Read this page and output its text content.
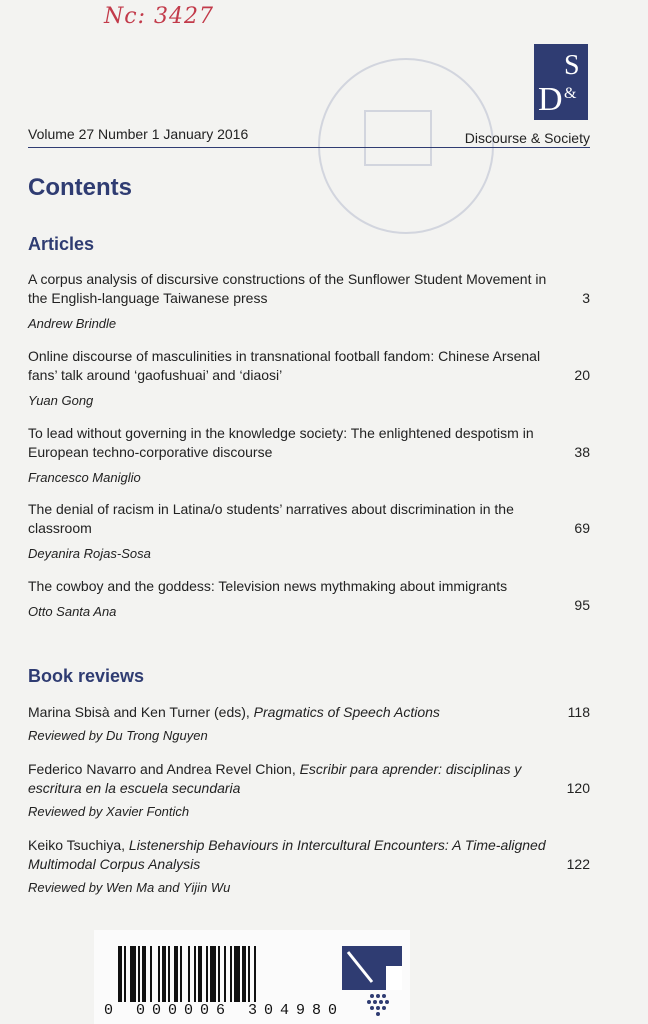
Nc: 3427
S
D &
Volume 27 Number 1 January 2016	Discourse & Society
Contents
Articles
A corpus analysis of discursive constructions of the Sunflower Student Movement in the English-language Taiwanese press
Andrew Brindle
3
Online discourse of masculinities in transnational football fandom: Chinese Arsenal fans’ talk around ‘gaofushuai’ and ‘diaosi’
Yuan Gong
20
To lead without governing in the knowledge society: The enlightened despotism in European techno-corporative discourse
Francesco Maniglio
38
The denial of racism in Latina/o students’ narratives about discrimination in the classroom
Deyanira Rojas-Sosa
69
The cowboy and the goddess: Television news mythmaking about immigrants
Otto Santa Ana	95
Book reviews
Marina Sbisà and Ken Turner (eds), Pragmatics of Speech Actions
Reviewed by Du Trong Nguyen
118
Federico Navarro and Andrea Revel Chion, Escribir para aprender: disciplinas y escritura en la escuela secundaria
Reviewed by Xavier Fontich
120
Keiko Tsuchiya, Listenership Behaviours in Intercultural Encounters: A Time-aligned Multimodal Corpus Analysis
Reviewed by Wen Ma and Yijin Wu
122
0 000006 304980
